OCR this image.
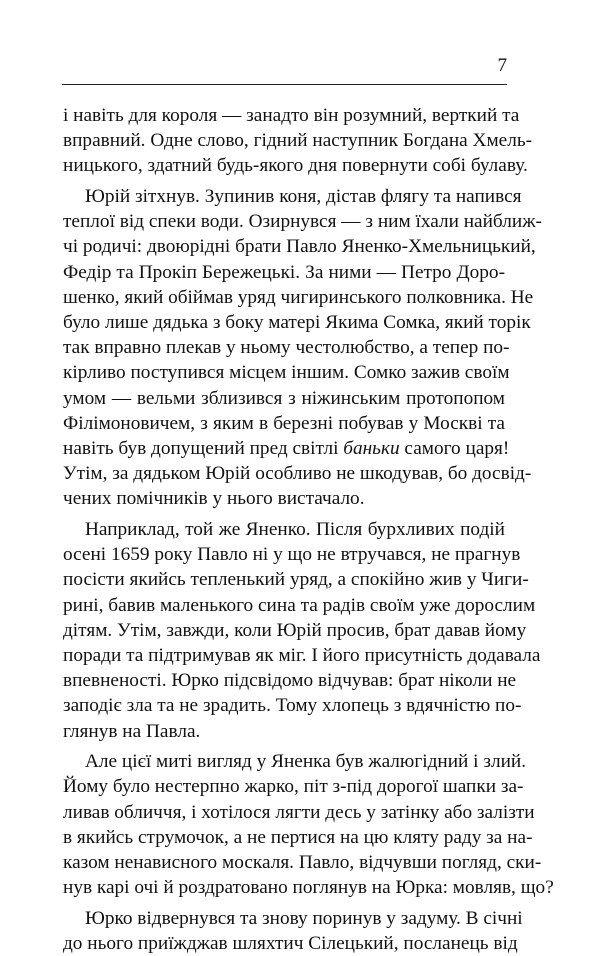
7
і навіть для короля — занадто він розумний, верткий та
вправний. Одне слово, гідний наступник Богдана Хмель-
ницького, здатний будь-якого дня повернути собі булаву.
Юрій зітхнув. Зупинив коня, дістав флягу та напився
теплої від спеки води. Озирнувся — з ним їхали найближ-
чі родичі: двоюрідні брати Павло Яненко-Хмельницький,
Федір та Прокіп Бережецькі. За ними — Петро Доро-
шенко, який обіймав уряд чигиринського полковника. Не
було лише дядька з боку матері Якима Сомка, який торік
так вправно плекав у ньому честолюбство, а тепер по-
кірливо поступився місцем іншим. Сомко зажив своїм
умом — вельми зблизився з ніжинським протопопом
Філімоновичем, з яким в березні побував у Москві та
навіть був допущений пред світлі баньки самого царя!
Утім, за дядьком Юрій особливо не шкодував, бо досвід-
чених помічників у нього вистачало.
Наприклад, той же Яненко. Після бурхливих подій
осені 1659 року Павло ні у що не втручався, не прагнув
посісти якийсь тепленький уряд, а спокійно жив у Чиги-
рині, бавив маленького сина та радів своїм уже дорослим
дітям. Утім, завжди, коли Юрій просив, брат давав йому
поради та підтримував як міг. І його присутність додавала
впевненості. Юрко підсвідомо відчував: брат ніколи не
заподіє зла та не зрадить. Тому хлопець з вдячністю по-
глянув на Павла.
Але цієї миті вигляд у Яненка був жалюгідний і злий.
Йому було нестерпно жарко, піт з-під дорогої шапки за-
ливав обличчя, і хотілося лягти десь у затінку або залізти
в якийсь струмочок, а не пертися на цю кляту раду за на-
казом ненависного москаля. Павло, відчувши погляд, ски-
нув карі очі й роздратовано поглянув на Юрка: мовляв, що?
Юрко відвернувся та знову поринув у задуму. В січні
до нього приїжджав шляхтич Сілецький, посланець від
